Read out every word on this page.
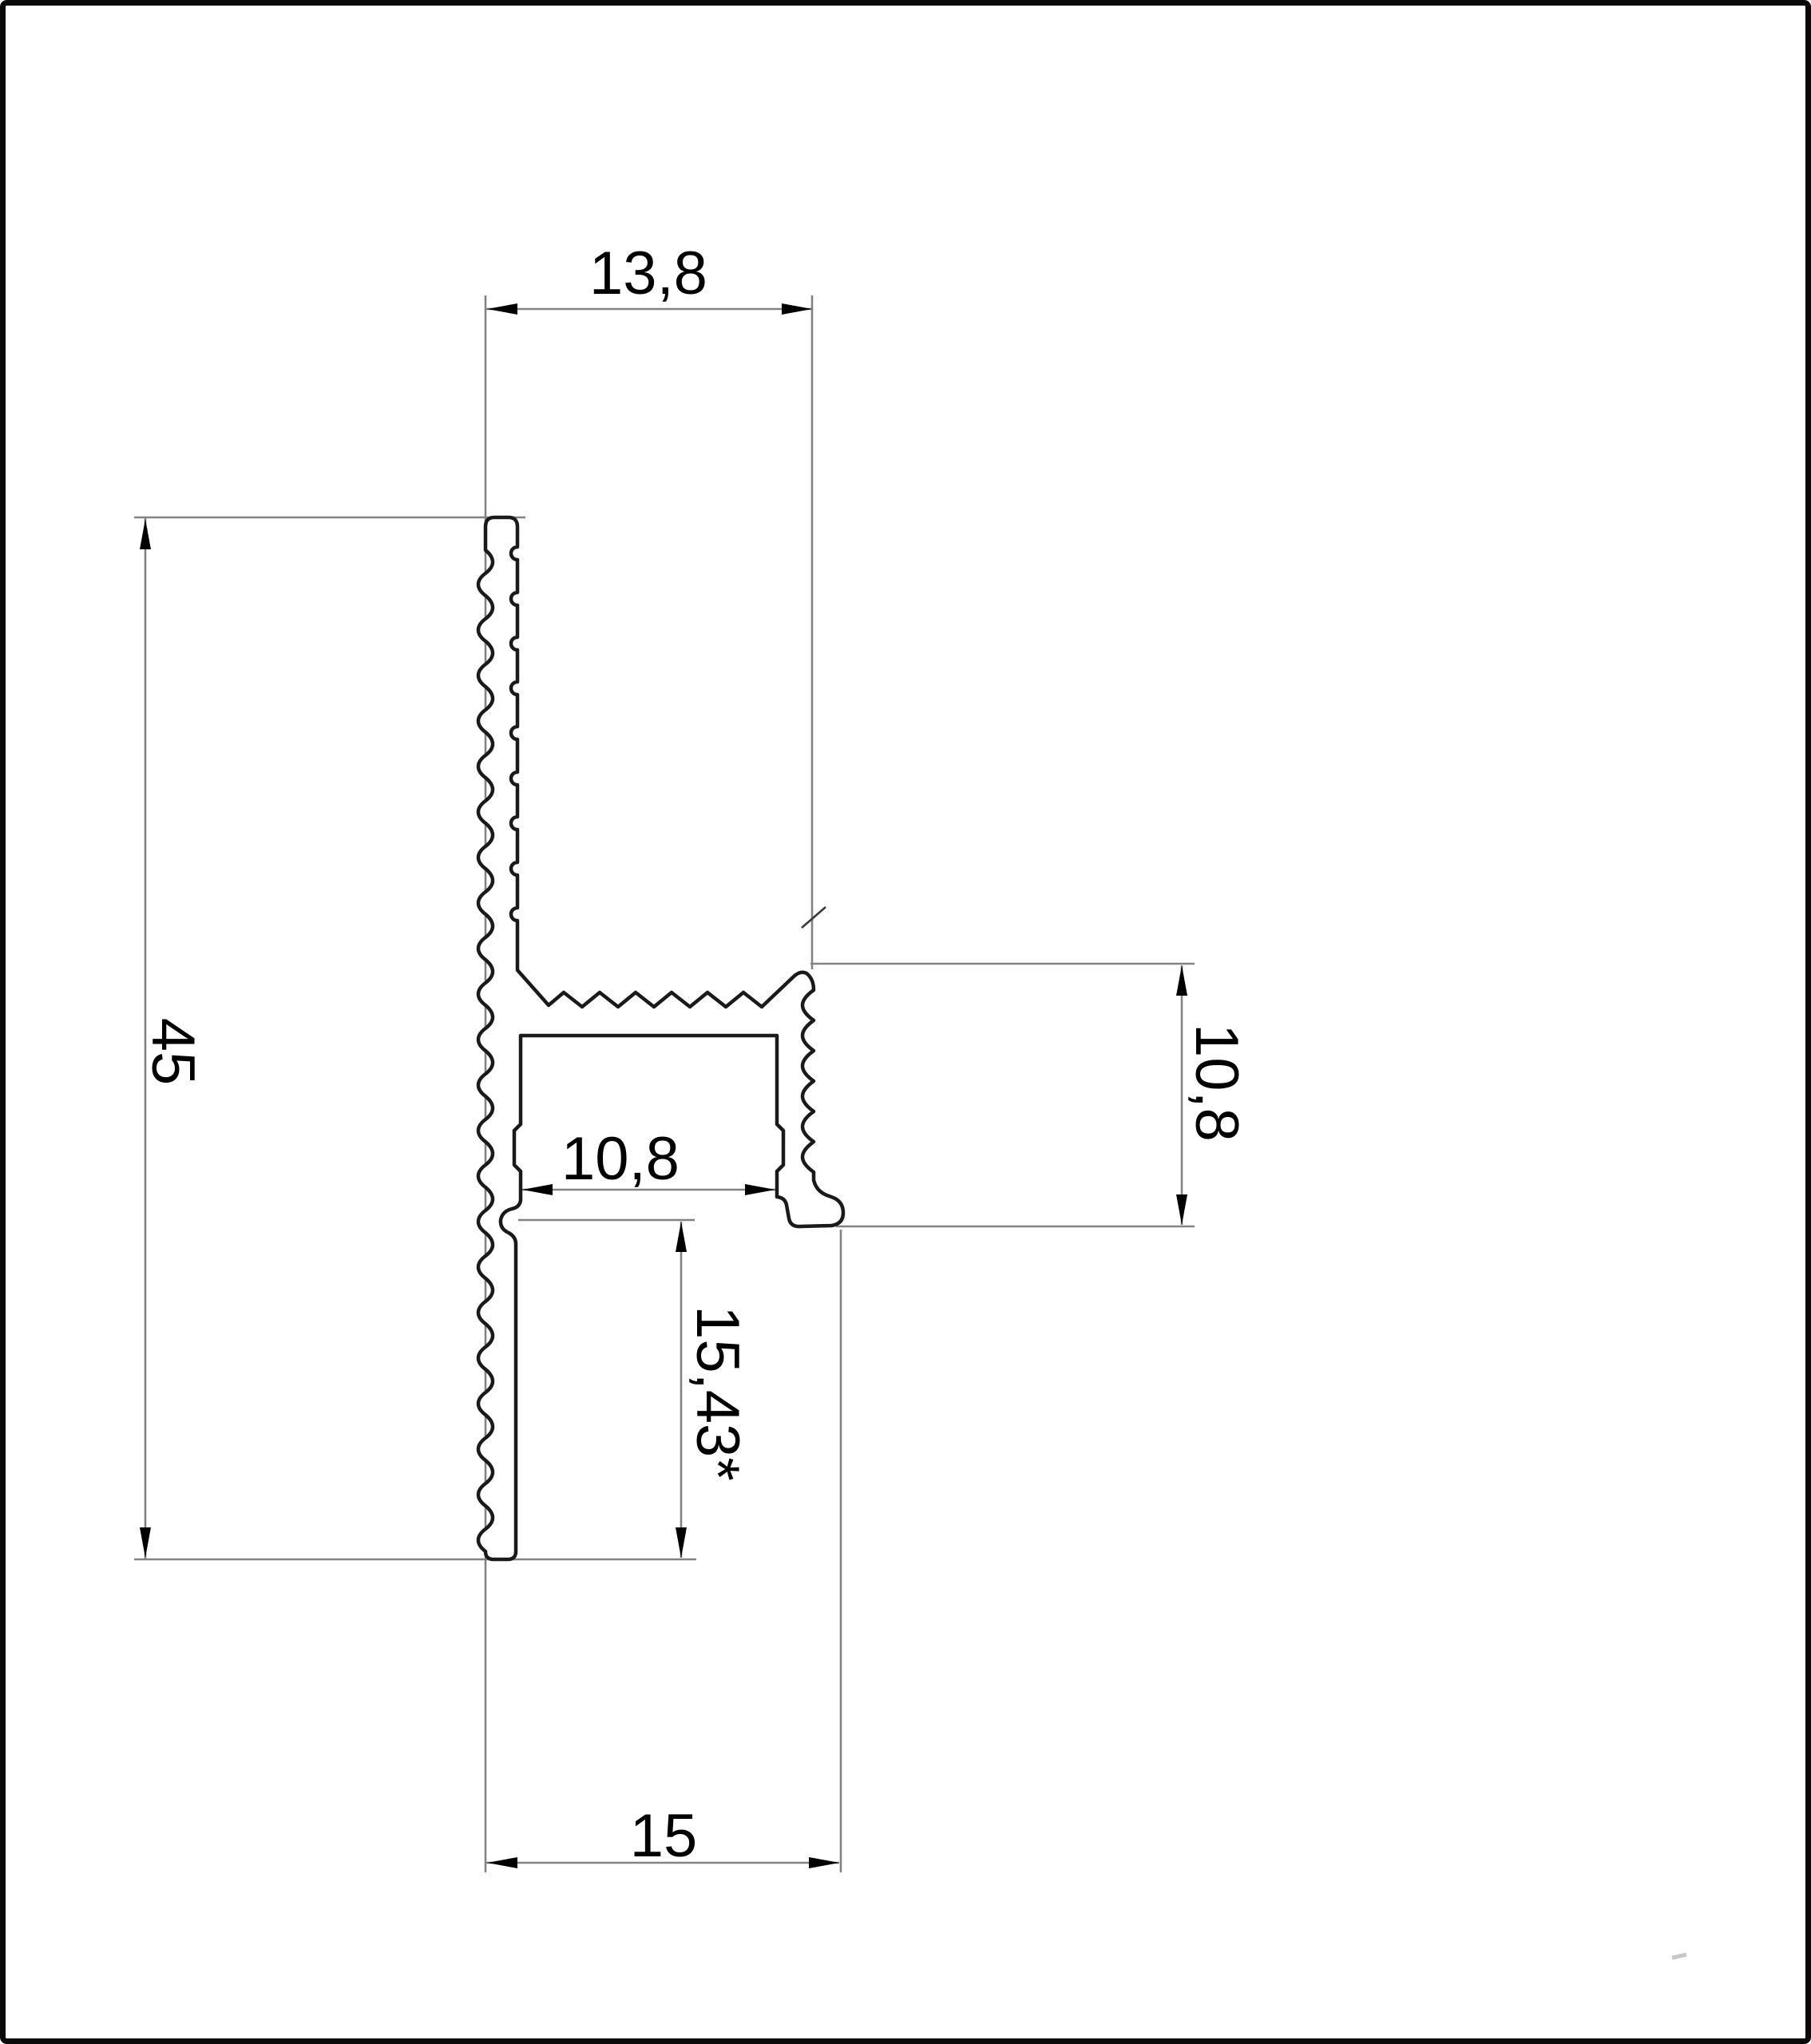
13,8
45
10,8
10,8
15,43*
15
